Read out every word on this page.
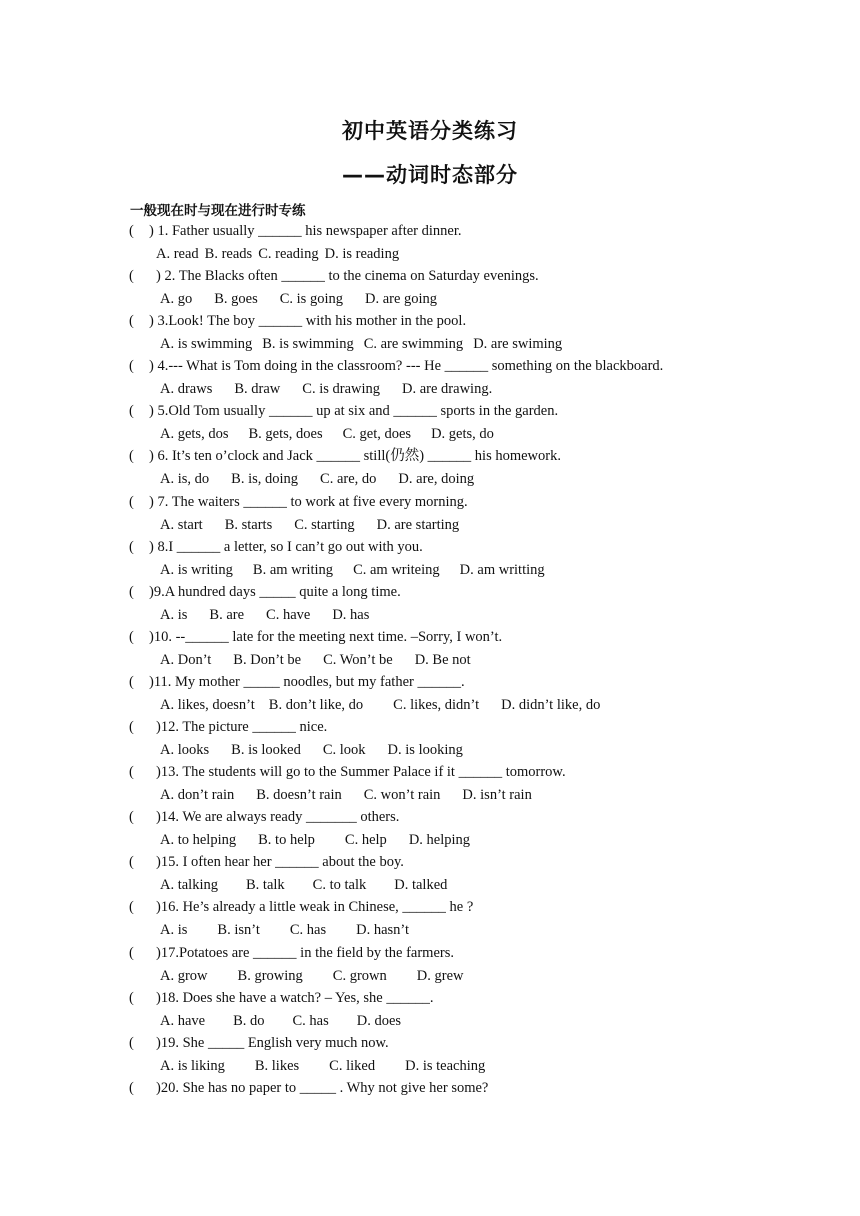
初中英语分类练习
——动词时态部分
一般现在时与现在进行时专练
( ) 1. Father usually ______ his newspaper after dinner.
A. read B. reads C. reading D. is reading
( ) 2. The Blacks often ______ to the cinema on Saturday evenings.
A. go B. goes C. is going D. are going
( ) 3.Look! The boy ______ with his mother in the pool.
A. is swimming B. is swimming C. are swimming D. are swiming
( ) 4.--- What is Tom doing in the classroom? --- He ______ something on the blackboard.
A. draws B. draw C. is drawing D. are drawing.
( ) 5.Old Tom usually ______ up at six and ______ sports in the garden.
A. gets, dos B. gets, does C. get, does D. gets, do
( ) 6. It’s ten o’clock and Jack ______ still(仍然) ______ his homework.
A. is, do B. is, doing C. are, do D. are, doing
( ) 7. The waiters ______ to work at five every morning.
A. start B. starts C. starting D. are starting
( ) 8.I ______ a letter, so I can’t go out with you.
A. is writing B. am writing C. am writeing D. am writting
( )9.A hundred days _____ quite a long time.
A. is B. are C. have D. has
( )10. --______ late for the meeting next time. –Sorry, I won’t.
A. Don’t B. Don’t be C. Won’t be D. Be not
( )11. My mother _____ noodles, but my father ______.
A. likes, doesn’t B. don’t like, do C. likes, didn’t D. didn’t like, do
( )12. The picture ______ nice.
A. looks B. is looked C. look D. is looking
( )13. The students will go to the Summer Palace if it ______ tomorrow.
A. don’t rain B. doesn’t rain C. won’t rain D. isn’t rain
( )14. We are always ready _______ others.
A. to helping B. to help C. help D. helping
( )15. I often hear her ______ about the boy.
A. talking B. talk C. to talk D. talked
( )16. He’s already a little weak in Chinese, ______ he ?
A. is B. isn’t C. has D. hasn’t
( )17.Potatoes are ______ in the field by the farmers.
A. grow B. growing C. grown D. grew
( )18. Does she have a watch? – Yes, she ______.
A. have B. do C. has D. does
( )19. She _____ English very much now.
A. is liking B. likes C. liked D. is teaching
( )20. She has no paper to _____ . Why not give her some?
